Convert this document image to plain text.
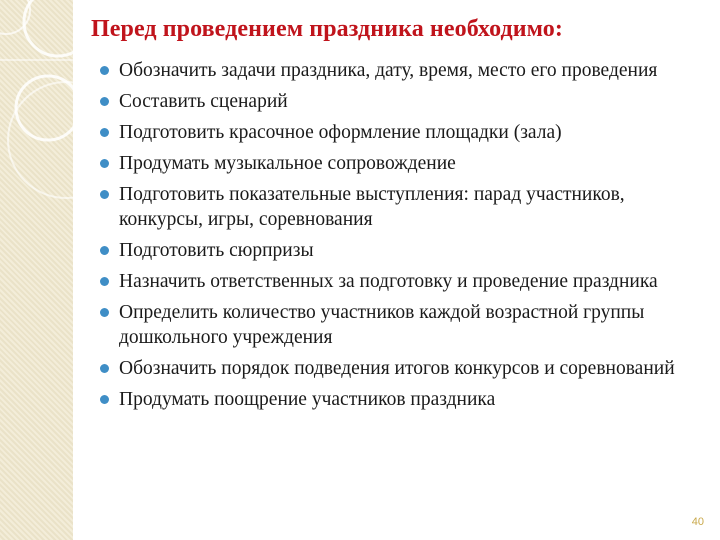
Перед проведением праздника необходимо:
Обозначить задачи праздника, дату, время, место его проведения
Составить сценарий
Подготовить красочное оформление площадки (зала)
Продумать музыкальное сопровождение
Подготовить показательные выступления: парад участников, конкурсы, игры, соревнования
Подготовить сюрпризы
Назначить ответственных за подготовку и проведение праздника
Определить количество участников каждой возрастной группы дошкольного учреждения
Обозначить порядок подведения итогов конкурсов и соревнований
Продумать поощрение участников праздника
40
